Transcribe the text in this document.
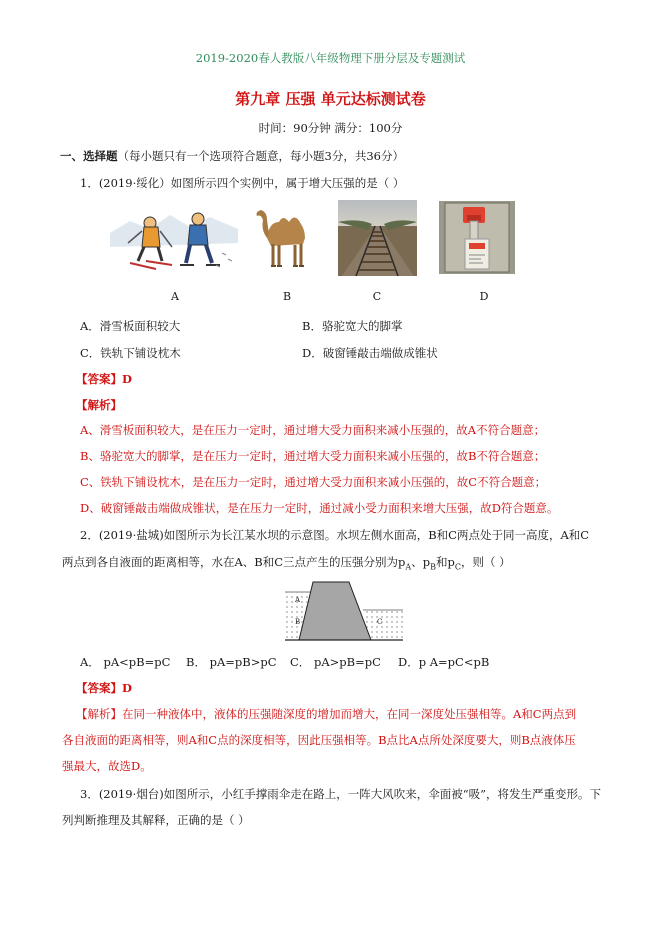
2019-2020春人教版八年级物理下册分层及专题测试
第九章 压强 单元达标测试卷
时间：90分钟 满分：100分
一、选择题（每小题只有一个选项符合题意，每小题3分，共36分）
1．(2019·绥化）如图所示四个实例中，属于增大压强的是（ ）
A	B	C	D
A．滑雪板面积较大	B．骆驼宽大的脚掌
C．铁轨下铺设枕木	D．破窗锤敲击端做成锥状
【答案】D
【解析】
A、滑雪板面积较大，是在压力一定时，通过增大受力面积来减小压强的，故A不符合题意；
B、骆驼宽大的脚掌，是在压力一定时，通过增大受力面积来减小压强的，故B不符合题意；
C、铁轨下铺设枕木，是在压力一定时，通过增大受力面积来减小压强的，故C不符合题意；
D、破窗锤敲击端做成锥状，是在压力一定时，通过减小受力面积来增大压强，故D符合题意。
2．(2019·盐城)如图所示为长江某水坝的示意图。水坝左侧水面高，B和C两点处于同一高度，A和C
两点到各自液面的距离相等，水在A、B和C三点产生的压强分别为$p_A$、$p_B$和$p_C$，则（ ）
A
B	C
A． pA<pB=pC B． pA=pB>pC C． pA>pB=pC D．p A=pC<pB
【答案】D
【解析】在同一种液体中，液体的压强随深度的增加而增大，在同一深度处压强相等。A和C两点到
各自液面的距离相等，则A和C点的深度相等，因此压强相等。B点比A点所处深度要大，则B点液体压
强最大，故选D。
3．(2019·烟台)如图所示，小红手撑雨伞走在路上，一阵大风吹来，伞面被“吸”，将发生严重变形。下
列判断推理及其解释，正确的是（ ）
